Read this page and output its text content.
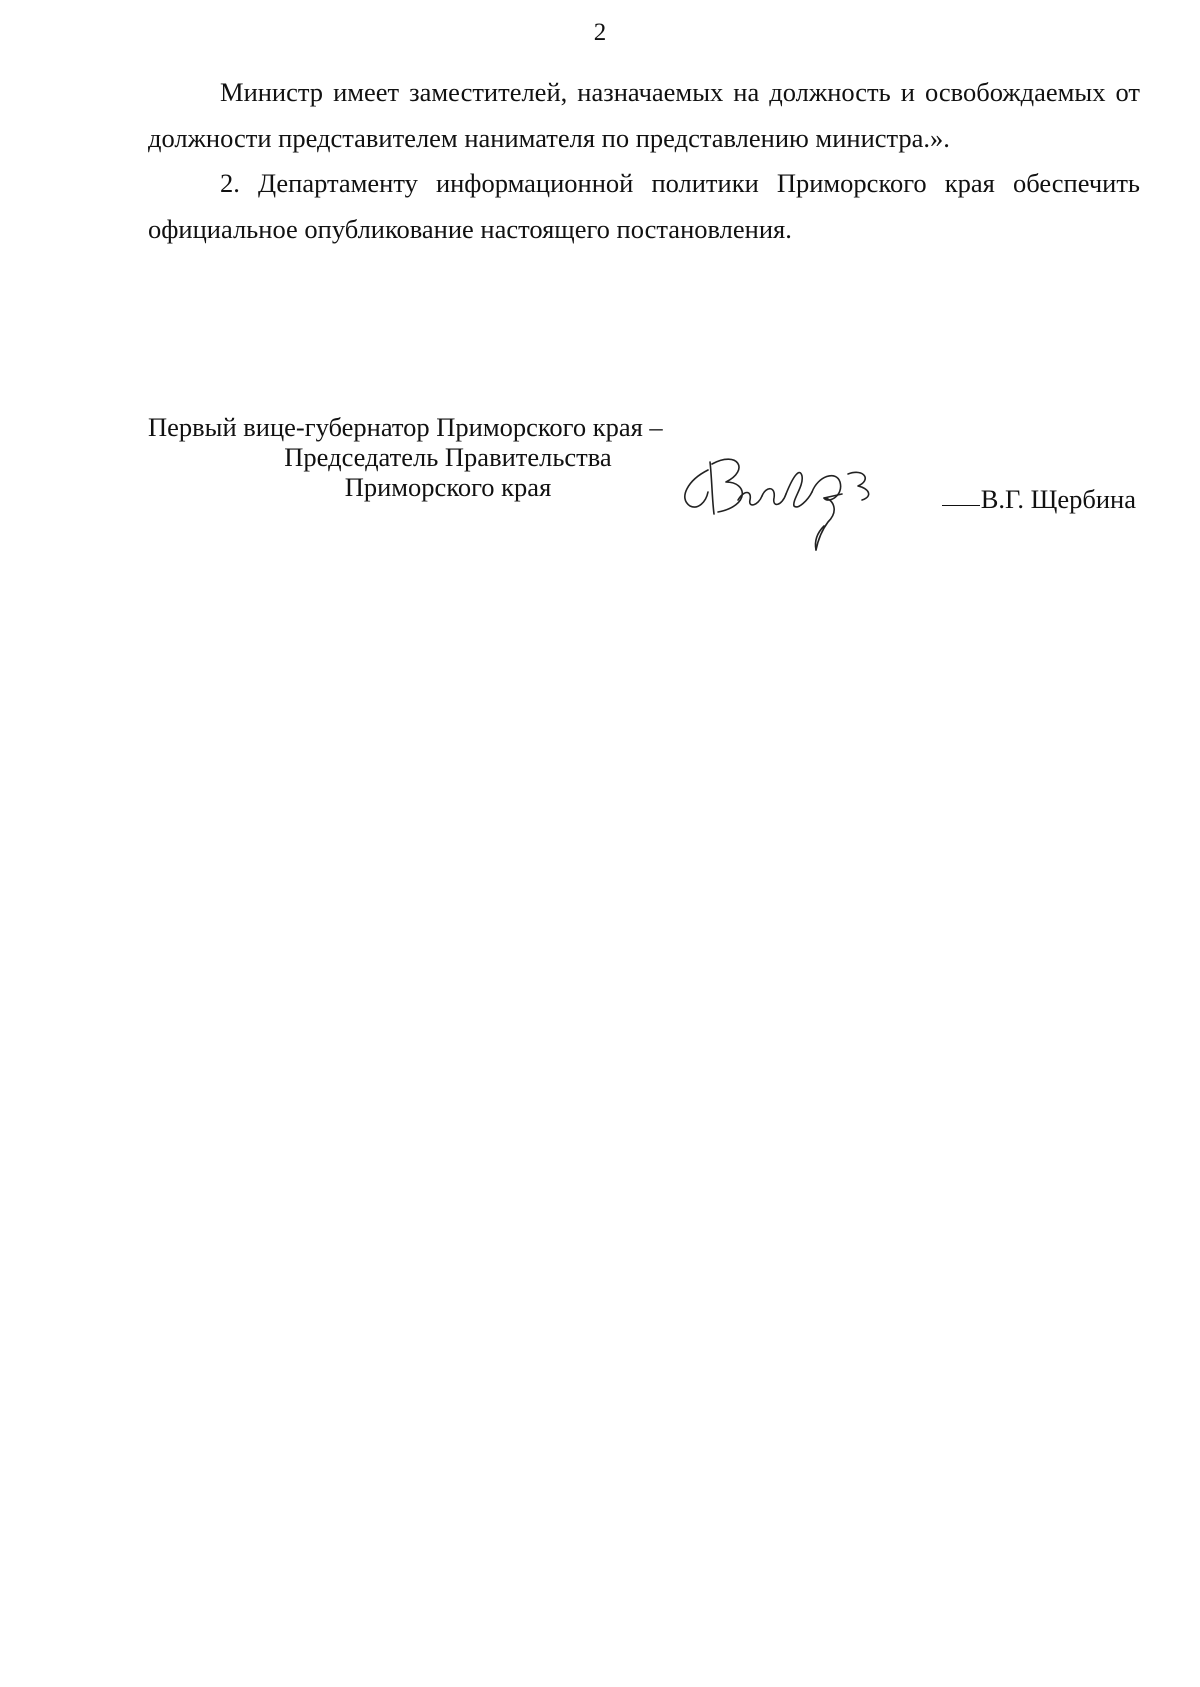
2

Министр имеет заместителей, назначаемых на должность и освобождаемых от должности представителем нанимателя по представлению министра.».

2. Департаменту информационной политики Приморского края обеспечить официальное опубликование настоящего постановления.

Первый вице-губернатор Приморского края –
Председатель Правительства
Приморского края	В.Г. Щербина
